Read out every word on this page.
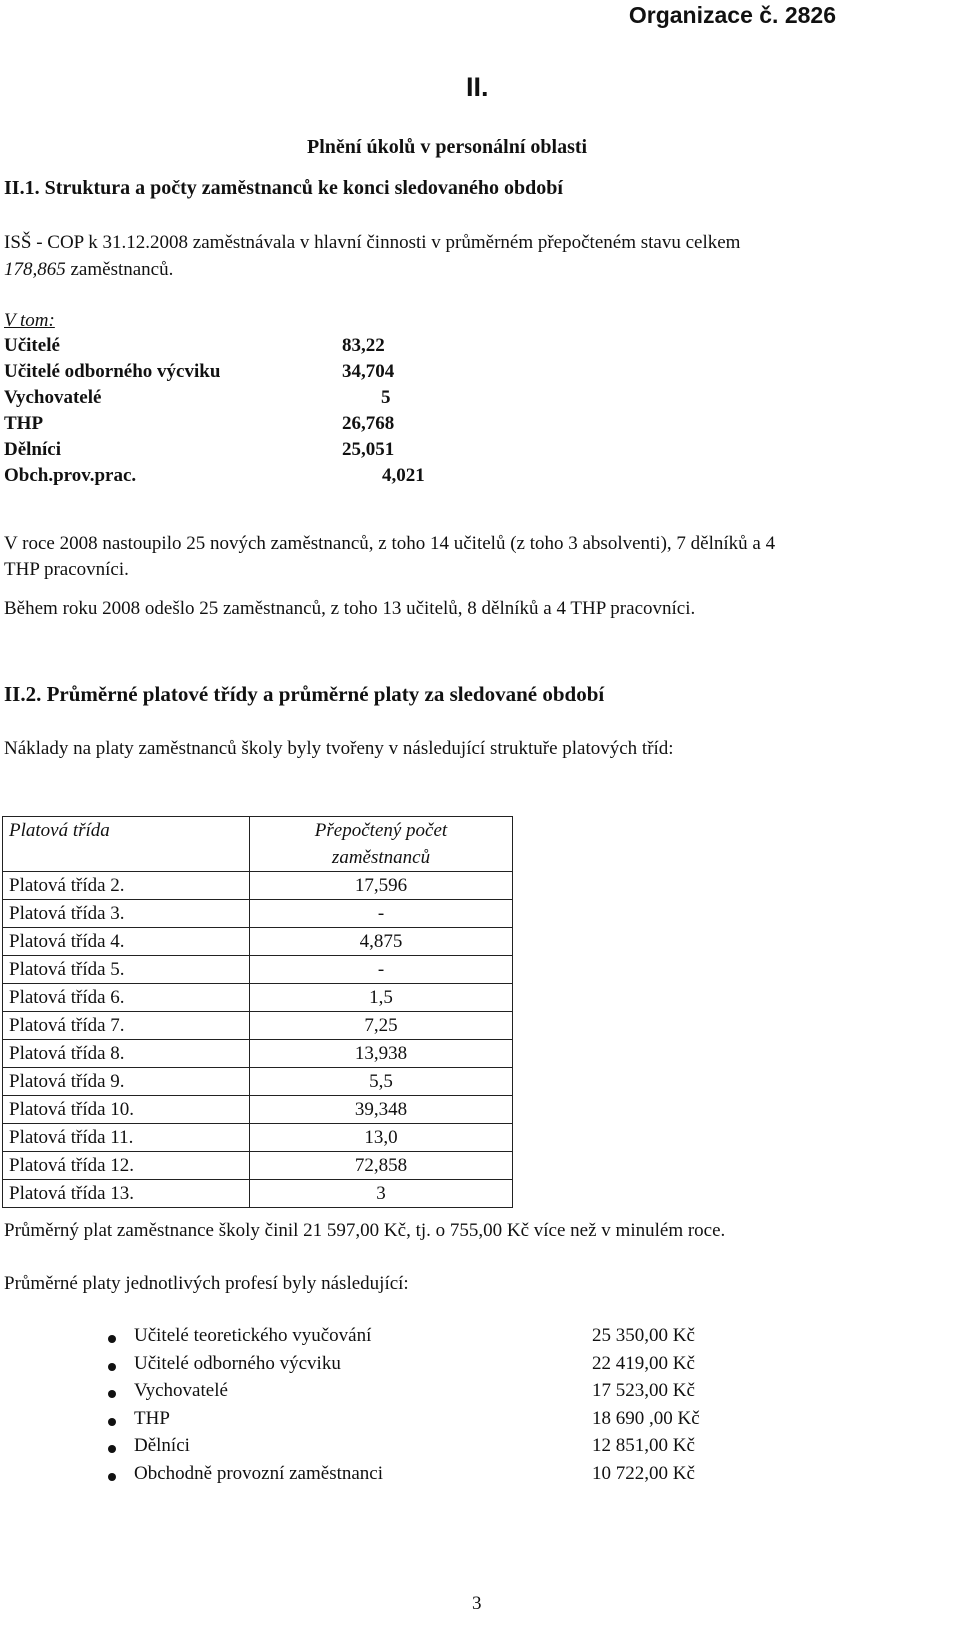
Organizace č. 2826
II.
Plnění úkolů v personální oblasti
II.1. Struktura a počty zaměstnanců ke konci sledovaného období
ISŠ - COP k 31.12.2008 zaměstnávala v hlavní činnosti v průměrném přepočteném stavu celkem
178,865 zaměstnanců.
V tom:
Učitelé	83,22
Učitelé odborného výcviku	34,704
Vychovatelé	5
THP	26,768
Dělníci	25,051
Obch.prov.prac.	4,021
V roce 2008 nastoupilo 25 nových zaměstnanců, z toho 14 učitelů (z toho 3 absolventi), 7 dělníků a 4
THP pracovníci.
Během roku 2008 odešlo 25 zaměstnanců, z toho 13 učitelů, 8 dělníků a 4 THP pracovníci.
II.2. Průměrné platové třídy a průměrné platy za sledované období
Náklady na platy zaměstnanců školy byly tvořeny v následující struktuře platových tříd:
Platová třída	Přepočtený počet
zaměstnanců
Platová třída 2.	17,596
Platová třída 3.	-
Platová třída 4.	4,875
Platová třída 5.	-
Platová třída 6.	1,5
Platová třída 7.	7,25
Platová třída 8.	13,938
Platová třída 9.	5,5
Platová třída 10.	39,348
Platová třída 11.	13,0
Platová třída 12.	72,858
Platová třída 13.	3
Průměrný plat zaměstnance školy činil 21 597,00 Kč, tj. o 755,00 Kč více než v minulém roce.
Průměrné platy jednotlivých profesí byly následující:
Učitelé teoretického vyučování	25 350,00 Kč
Učitelé odborného výcviku	22 419,00 Kč
Vychovatelé	17 523,00 Kč
THP	18 690 ,00 Kč
Dělníci	12 851,00 Kč
Obchodně provozní zaměstnanci	10 722,00 Kč
3
